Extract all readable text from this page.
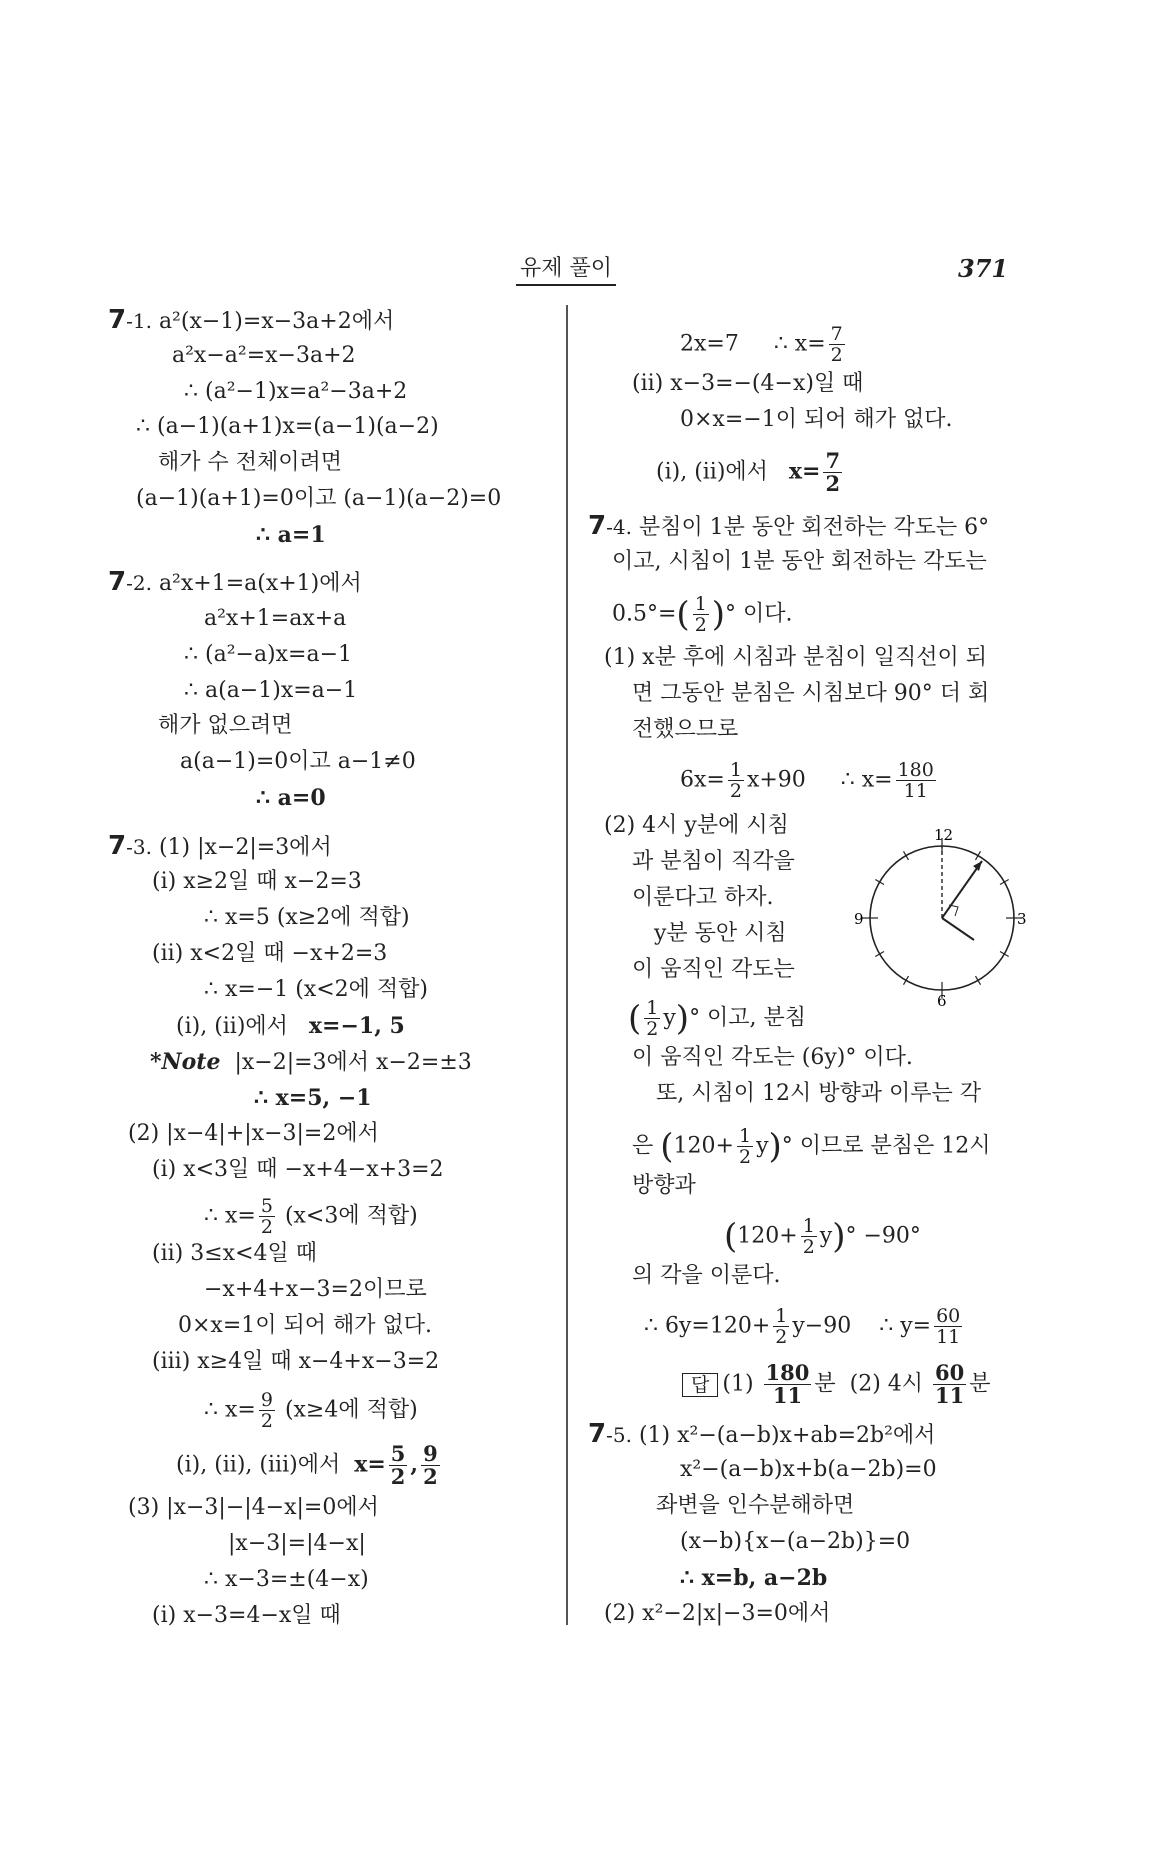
유제 풀이	371
7-1. a²(x−1)=x−3a+2에서
a²x−a²=x−3a+2
∴ (a²−1)x=a²−3a+2
∴ (a−1)(a+1)x=(a−1)(a−2)
해가 수 전체이려면
(a−1)(a+1)=0이고 (a−1)(a−2)=0
∴ a=1
7-2. a²x+1=a(x+1)에서
a²x+1=ax+a
∴ (a²−a)x=a−1
∴ a(a−1)x=a−1
해가 없으려면
a(a−1)=0이고 a−1≠0
∴ a=0
7-3. (1) |x−2|=3에서
(i) x≥2일 때 x−2=3
∴ x=5 (x≥2에 적합)
(ii) x<2일 때 −x+2=3
∴ x=−1 (x<2에 적합)
(i), (ii)에서 x=−1, 5
*Note |x−2|=3에서 x−2=±3
∴ x=5, −1
(2) |x−4|+|x−3|=2에서
(i) x<3일 때 −x+4−x+3=2
∴ $x= \frac{5}{2} (x<3$에 적합)
(ii) 3≤x<4일 때
−x+4+x−3=2이므로
0×x=1이 되어 해가 없다.
(iii) x≥4일 때 x−4+x−3=2
∴ $x= \frac{9}{2} (x\ge 4$에 적합)
(i), (ii), (iii)에서 $x= \frac{5}{2}$ , $\frac{9}{2}$
(3) |x−3|−|4−x|=0에서
|x−3|=|4−x|
∴ x−3=±(4−x)
(i) x−3=4−x일 때
2x=7 ∴ $x= \frac{7}{2}$
(ii) x−3=−(4−x)일 때
0×x=−1이 되어 해가 없다.
(i), (ii)에서 $x= \frac{7}{2}$
7-4. 분침이 1분 동안 회전하는 각도는 6°
이고, 시침이 1분 동안 회전하는 각도는
$0.5^\circ=( \frac{1}{2}$ )° 이다.
(1) x분 후에 시침과 분침이 일직선이 되
면 그동안 분침은 시침보다 90° 더 회
전했으므로
$6x= \frac{1}{2} x+90$ ∴ $x= \frac{180}{11}$
(2) 4시 y분에 시침
과 분침이 직각을
이룬다고 하자.
y분 동안 시침
이 움직인 각도는
( $\frac{1}{2} y)^\circ$ 이고, 분침
이 움직인 각도는 (6y)° 이다.
또, 시침이 12시 방향과 이루는 각
은 $(120+ \frac{1}{2} y)^\circ$ 이므로 분침은 12시
방향과
$(120+ \frac{1}{2} y)^\circ -90^\circ$
의 각을 이룬다.
∴ $6y=120+ \frac{1}{2} y-90$ ∴ $y= \frac{60}{11}$
답 $(1) \frac{180}{11}$ 분 (2) 4시 $\frac{60}{11}$ 분
7-5. (1) x²−(a−b)x+ab=2b²에서
x²−(a−b)x+b(a−2b)=0
좌변을 인수분해하면
(x−b){x−(a−2b)}=0
∴ x=b, a−2b
(2) x²−2|x|−3=0에서
12
3
6
9
